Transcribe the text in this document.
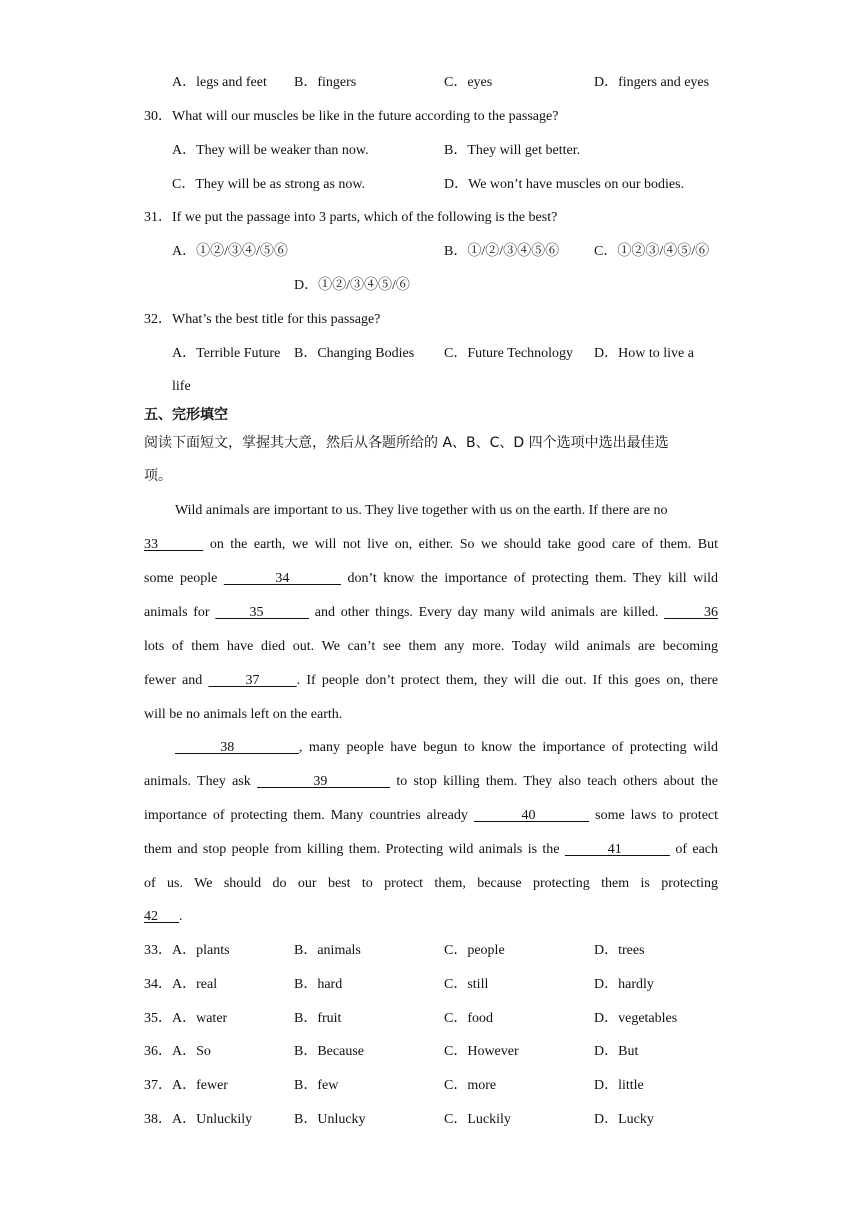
A．legs and feet B．fingers	C．eyes	D．fingers and eyes
30．What will our muscles be like in the future according to the passage?
A．They will be weaker than now.	B．They will get better.
C．They will be as strong as now.	D．We won’t have muscles on our bodies.
31．If we put the passage into 3 parts, which of the following is the best?
A．①②/③④/⑤⑥	B．①/②/③④⑤⑥ C．①②③/④⑤/⑥
D．①②/③④⑤/⑥
32．What’s the best title for this passage?
A．Terrible Future B．Changing Bodies C．Future Technology D．How to live a
life
五、完形填空
阅读下面短文，掌握其大意，然后从各题所给的 A、B、C、D 四个选项中选出最佳选
项。
Wild animals are important to us. They live together with us on the earth. If there are no
33	on the earth, we will not live on, either. So we should take good care of them. But
some people	34	don’t know the importance of protecting them. They kill wild
animals for	35	and other things. Every day many wild animals are killed.	36
lots of them have died out. We can’t see them any more. Today wild animals are becoming
fewer and	37	. If people don’t protect them, they will die out. If this goes on, there
will be no animals left on the earth.
38	, many people have begun to know the importance of protecting wild
animals. They ask	39	to stop killing them. They also teach others about the
importance of protecting them. Many countries already	40	some laws to protect
them and stop people from killing them. Protecting wild animals is the	41	of each
of us. We should do our best to protect them, because protecting them is protecting
42 .
33．A．plants	B．animals	C．people	D．trees
34．A．real	B．hard	C．still	D．hardly
35．A．water	B．fruit	C．food	D．vegetables
36．A．So	B．Because	C．However	D．But
37．A．fewer	B．few	C．more	D．little
38．A．Unluckily	B．Unlucky	C．Luckily	D．Lucky
